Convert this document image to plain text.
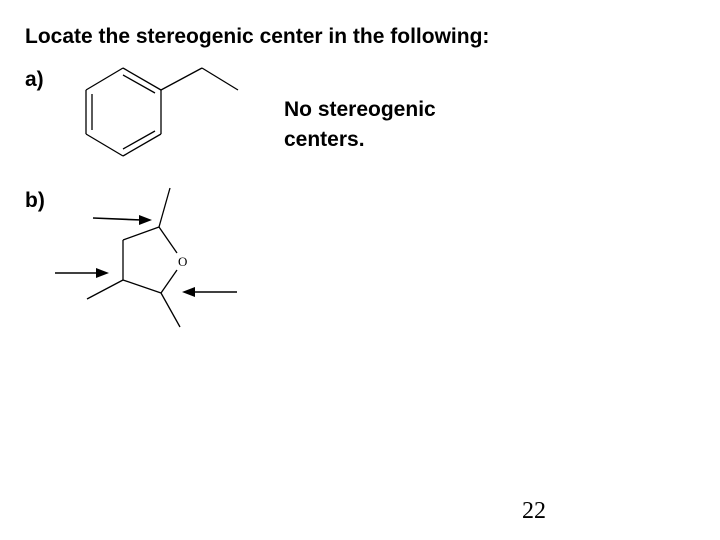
Locate the stereogenic center in the following:
a)
No stereogenic
centers.
b)
O
22
